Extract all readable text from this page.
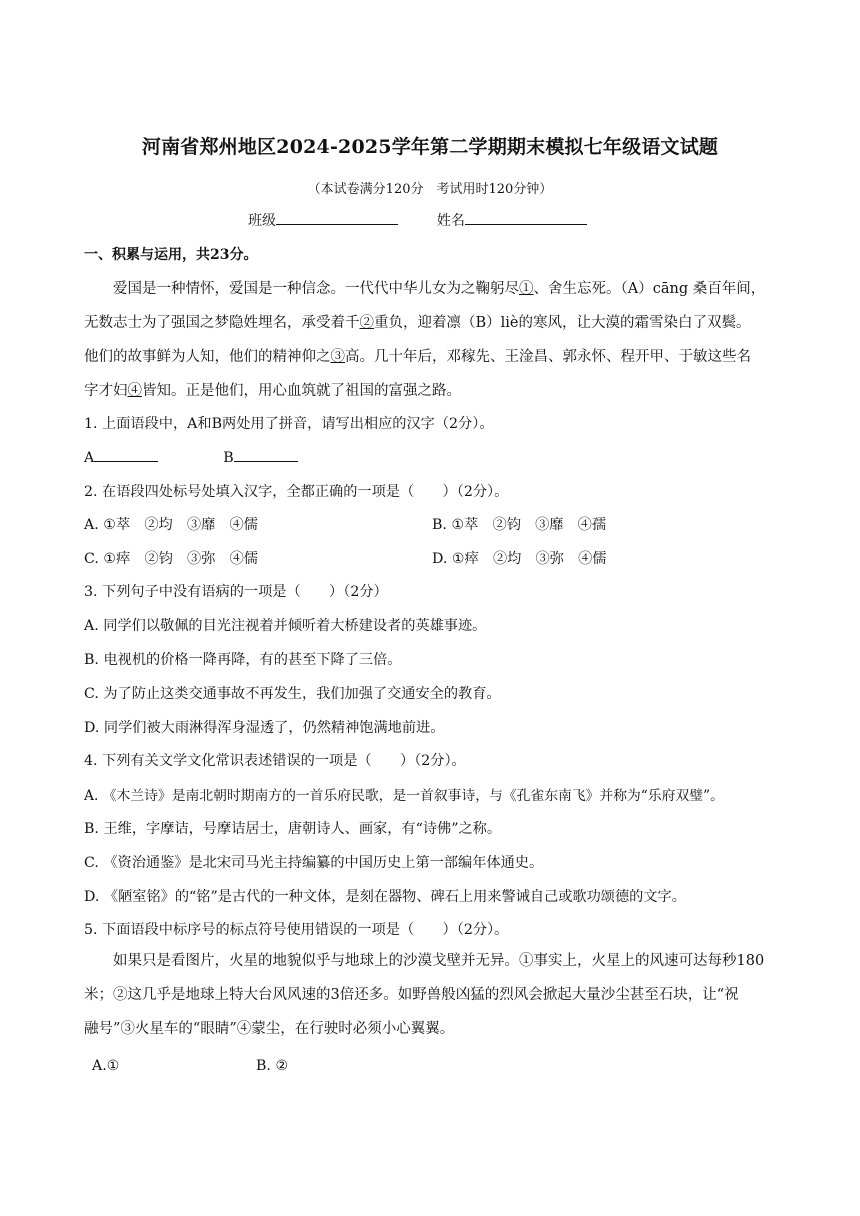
河南省郑州地区2024-2025学年第二学期期末模拟七年级语文试题
（本试卷满分120分　考试用时120分钟）
班级	姓名
一、积累与运用，共23分。
爱国是一种情怀，爱国是一种信念。一代代中华儿女为之鞠躬尽①、舍生忘死。（A）cāng 桑百年间，
无数志士为了强国之梦隐姓埋名，承受着千②重负，迎着凛（B）liè的寒风，让大漠的霜雪染白了双鬓。
他们的故事鲜为人知，他们的精神仰之③高。几十年后，邓稼先、王淦昌、郭永怀、程开甲、于敏这些名
字才妇④皆知。正是他们，用心血筑就了祖国的富强之路。
1. 上面语段中，A和B两处用了拼音，请写出相应的汉字（2分）。
A	B
2. 在语段四处标号处填入汉字，全都正确的一项是（　　）（2分）。
A. ①萃　②均　③靡　④儒	B. ①萃　②钧　③靡　④孺
C. ①瘁　②钧　③弥　④儒	D. ①瘁　②均　③弥　④儒
3. 下列句子中没有语病的一项是（　　）（2分）
A. 同学们以敬佩的目光注视着并倾听着大桥建设者的英雄事迹。
B. 电视机的价格一降再降，有的甚至下降了三倍。
C. 为了防止这类交通事故不再发生，我们加强了交通安全的教育。
D. 同学们被大雨淋得浑身湿透了，仍然精神饱满地前进。
4. 下列有关文学文化常识表述错误的一项是（　　）（2分）。
A. 《木兰诗》是南北朝时期南方的一首乐府民歌，是一首叙事诗，与《孔雀东南飞》并称为“乐府双璧”。
B. 王维，字摩诘，号摩诘居士，唐朝诗人、画家，有“诗佛”之称。
C. 《资治通鉴》是北宋司马光主持编纂的中国历史上第一部编年体通史。
D. 《陋室铭》的“铭”是古代的一种文体，是刻在器物、碑石上用来警诫自己或歌功颂德的文字。
5. 下面语段中标序号的标点符号使用错误的一项是（　　）（2分）。
如果只是看图片，火星的地貌似乎与地球上的沙漠戈壁并无异。①事实上，火星上的风速可达每秒180
米；②这几乎是地球上特大台风风速的3倍还多。如野兽般凶猛的烈风会掀起大量沙尘甚至石块，让“祝
融号”③火星车的“眼睛”④蒙尘，在行驶时必须小心翼翼。
A.①	B. ②
